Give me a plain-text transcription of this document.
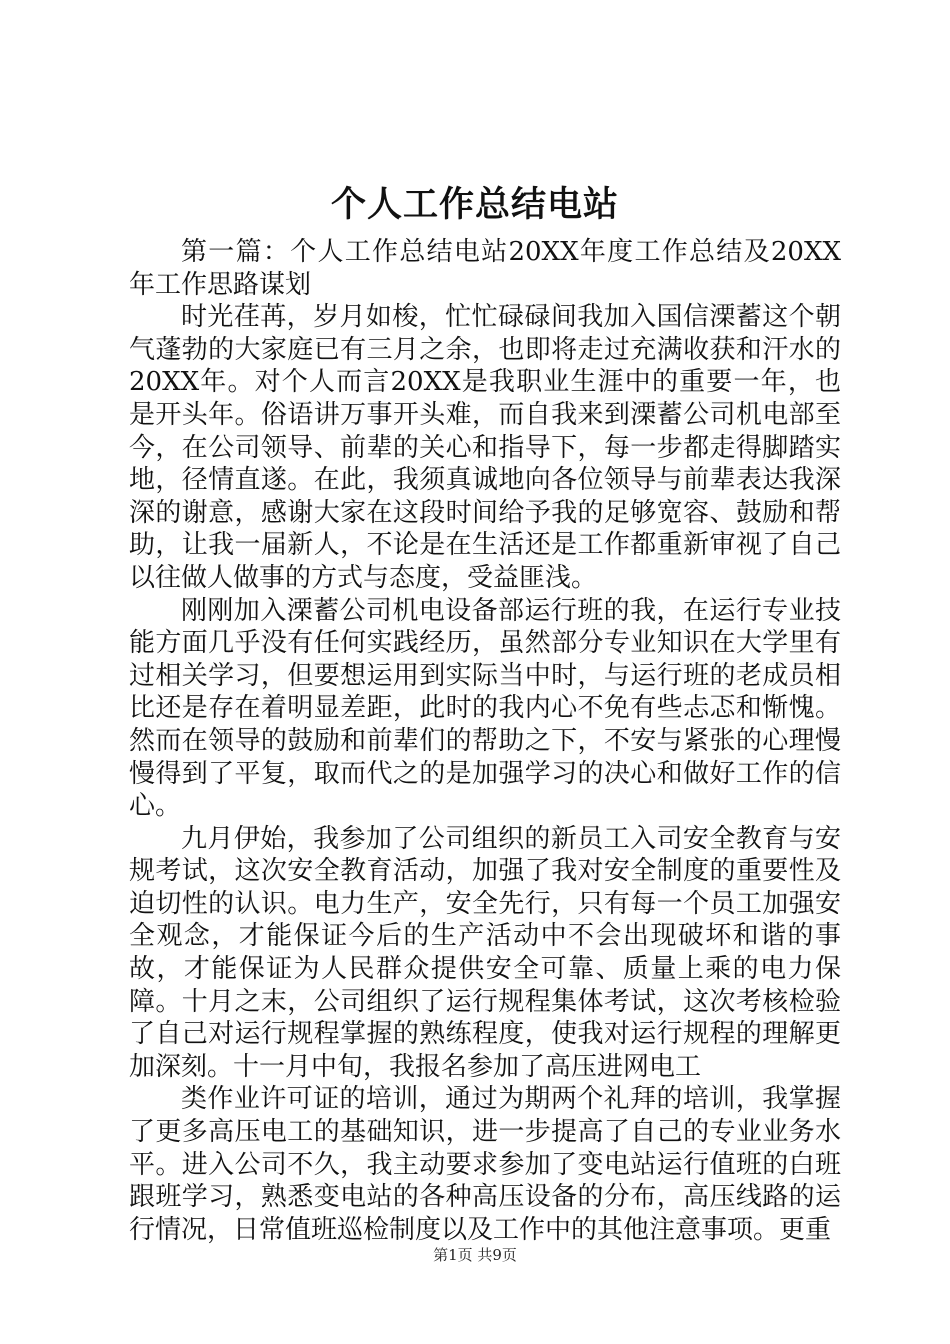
个人工作总结电站

第一篇：个人工作总结电站20XX年度工作总结及20XX年工作思路谋划

时光荏苒，岁月如梭，忙忙碌碌间我加入国信溧蓄这个朝气蓬勃的大家庭已有三月之余，也即将走过充满收获和汗水的20XX年。对个人而言20XX是我职业生涯中的重要一年，也是开头年。俗语讲万事开头难，而自我来到溧蓄公司机电部至今，在公司领导、前辈的关心和指导下，每一步都走得脚踏实地，径情直遂。在此，我须真诚地向各位领导与前辈表达我深深的谢意，感谢大家在这段时间给予我的足够宽容、鼓励和帮助，让我一届新人，不论是在生活还是工作都重新审视了自己以往做人做事的方式与态度，受益匪浅。

刚刚加入溧蓄公司机电设备部运行班的我，在运行专业技能方面几乎没有任何实践经历，虽然部分专业知识在大学里有过相关学习，但要想运用到实际当中时，与运行班的老成员相比还是存在着明显差距，此时的我内心不免有些忐忑和惭愧。然而在领导的鼓励和前辈们的帮助之下，不安与紧张的心理慢慢得到了平复，取而代之的是加强学习的决心和做好工作的信心。

九月伊始，我参加了公司组织的新员工入司安全教育与安规考试，这次安全教育活动，加强了我对安全制度的重要性及迫切性的认识。电力生产，安全先行，只有每一个员工加强安全观念，才能保证今后的生产活动中不会出现破坏和谐的事故，才能保证为人民群众提供安全可靠、质量上乘的电力保障。十月之末，公司组织了运行规程集体考试，这次考核检验了自己对运行规程掌握的熟练程度，使我对运行规程的理解更加深刻。十一月中旬，我报名参加了高压进网电工

类作业许可证的培训，通过为期两个礼拜的培训，我掌握了更多高压电工的基础知识，进一步提高了自己的专业业务水平。进入公司不久，我主动要求参加了变电站运行值班的白班跟班学习，熟悉变电站的各种高压设备的分布，高压线路的运行情况，日常值班巡检制度以及工作中的其他注意事项。更重

第1页 共9页
